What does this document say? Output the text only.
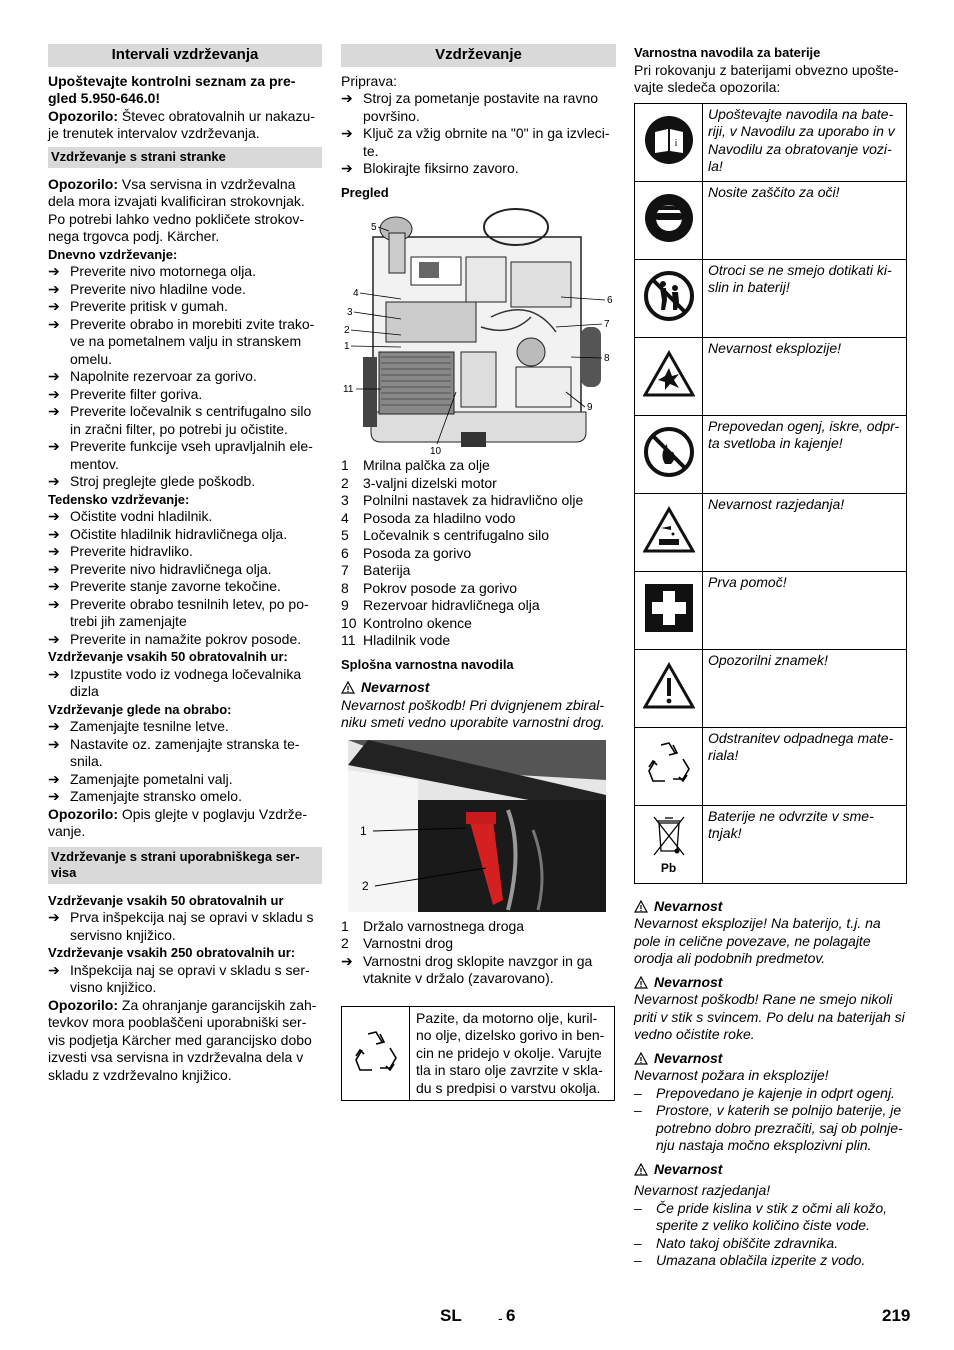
Intervali vzdrževanja

Upoštevajte kontrolni seznam za pre-gled 5.950-646.0!

Opozorilo: Števec obratovalnih ur nakazu-je trenutek intervalov vzdrževanja.

Vzdrževanje s strani stranke

Opozorilo: Vsa servisna in vzdrževalna dela mora izvajati kvalificiran strokovnjak. Po potrebi lahko vedno pokličete strokov-nega trgovca podj. Kärcher.

Dnevno vzdrževanje:

➔ Preverite nivo motornega olja.
➔ Preverite nivo hladilne vode.
➔ Preverite pritisk v gumah.
➔ Preverite obrabo in morebiti zvite trako-ve na pometalnem valju in stranskem omelu.
➔ Napolnite rezervoar za gorivo.
➔ Preverite filter goriva.
➔ Preverite ločevalnik s centrifugalno silo in zračni filter, po potrebi ju očistite.
➔ Preverite funkcije vseh upravljalnih ele-mentov.
➔ Stroj preglejte glede poškodb.

Tedensko vzdrževanje:

➔ Očistite vodni hladilnik.
➔ Očistite hladilnik hidravličnega olja.
➔ Preverite hidravliko.
➔ Preverite nivo hidravličnega olja.
➔ Preverite stanje zavorne tekočine.
➔ Preverite obrabo tesnilnih letev, po po-trebi jih zamenjajte
➔ Preverite in namažite pokrov posode.

Vzdrževanje vsakih 50 obratovalnih ur:

➔ Izpustite vodo iz vodnega ločevalnika dizla

Vzdrževanje glede na obrabo:

➔ Zamenjajte tesnilne letve.
➔ Nastavite oz. zamenjajte stranska te-snila.
➔ Zamenjajte pometalni valj.
➔ Zamenjajte stransko omelo.

Opozorilo: Opis glejte v poglavju Vzdrže-vanje.

Vzdrževanje s strani uporabniškega ser-visa

Vzdrževanje vsakih 50 obratovalnih ur

➔ Prva inšpekcija naj se opravi v skladu s servisno knjižico.

Vzdrževanje vsakih 250 obratovalnih ur:

➔ Inšpekcija naj se opravi v skladu s ser-visno knjižico.

Opozorilo: Za ohranjanje garancijskih zah-tevkov mora pooblaščeni uporabniški ser-vis podjetja Kärcher med garancijsko dobo izvesti vsa servisna in vzdrževalna dela v skladu z vzdrževalno knjižico.

Vzdrževanje

Priprava:

➔ Stroj za pometanje postavite na ravno površino.
➔ Ključ za vžig obrnite na "0" in ga izvleci-te.
➔ Blokirajte fiksirno zavoro.

Pregled

5
4
3
2
1
11
10
6
7
8
9
1	Mrilna palčka za olje
2	3-valjni dizelski motor
3	Polnilni nastavek za hidravlično olje
4	Posoda za hladilno vodo
5	Ločevalnik s centrifugalno silo
6	Posoda za gorivo
7	Baterija
8	Pokrov posode za gorivo
9	Rezervoar hidravličnega olja
10 Kontrolno okence
11 Hladilnik vode

Splošna varnostna navodila

Nevarnost

Nevarnost poškodb! Pri dvignjenem zbiral-niku smeti vedno uporabite varnostni drog.

1
2
1	Držalo varnostnega droga
2	Varnostni drog
➔ Varnostni drog sklopite navzgor in ga vtaknite v držalo (zavarovano).
Pazite, da motorno olje, kuril-no olje, dizelsko gorivo in ben-cin ne pridejo v okolje. Varujte tla in staro olje zavrzite v skla-du s predpisi o varstvu okolja.

Varnostna navodila za baterije

Pri rokovanju z baterijami obvezno upošte-vajte sledeča opozorila:

i	Upoštevajte navodila na bate-riji, v Navodilu za uporabo in v Navodilu za obratovanje vozi-la!
	Nosite zaščito za oči!
	Otroci se ne smejo dotikati ki-slin in baterij!
	Nevarnost eksplozije!
	Prepovedan ogenj, iskre, odpr-ta svetloba in kajenje!
	Nevarnost razjedanja!
	Prva pomoč!
	Opozorilni znamek!
	Odstranitev odpadnega mate-riala!

Pb	Baterije ne odvrzite v sme-tnjak!

Nevarnost

Nevarnost eksplozije! Na baterijo, t.j. na pole in celične povezave, ne polagajte orodja ali podobnih predmetov.

Nevarnost

Nevarnost poškodb! Rane ne smejo nikoli priti v stik s svincem. Po delu na baterijah si vedno očistite roke.

Nevarnost

Nevarnost požara in eksplozije!

– Prepovedano je kajenje in odprt ogenj.
– Prostore, v katerih se polnijo baterije, je potrebno dobro prezračiti, saj ob polnje-nju nastaja močno eksplozivni plin.

Nevarnost

Nevarnost razjedanja!

– Če pride kislina v stik z očmi ali kožo, sperite z veliko količino čiste vode.
– Nato takoj obiščite zdravnika.
– Umazana oblačila izperite z vodo.
SL	- 6	219
